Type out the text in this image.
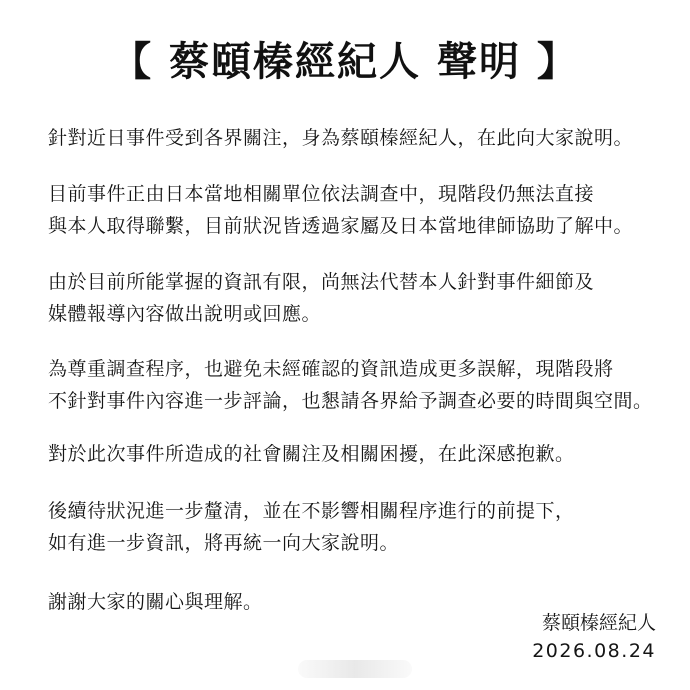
【 蔡頤榛經紀人 聲明 】
針對近日事件受到各界關注，身為蔡頤榛經紀人，在此向大家說明。
目前事件正由日本當地相關單位依法調查中，現階段仍無法直接
與本人取得聯繫，目前狀況皆透過家屬及日本當地律師協助了解中。
由於目前所能掌握的資訊有限，尚無法代替本人針對事件細節及
媒體報導內容做出說明或回應。
為尊重調查程序，也避免未經確認的資訊造成更多誤解，現階段將
不針對事件內容進一步評論，也懇請各界給予調查必要的時間與空間。
對於此次事件所造成的社會關注及相關困擾，在此深感抱歉。
後續待狀況進一步釐清，並在不影響相關程序進行的前提下，
如有進一步資訊，將再統一向大家說明。
謝謝大家的關心與理解。
蔡頤榛經紀人
2026.08.24
